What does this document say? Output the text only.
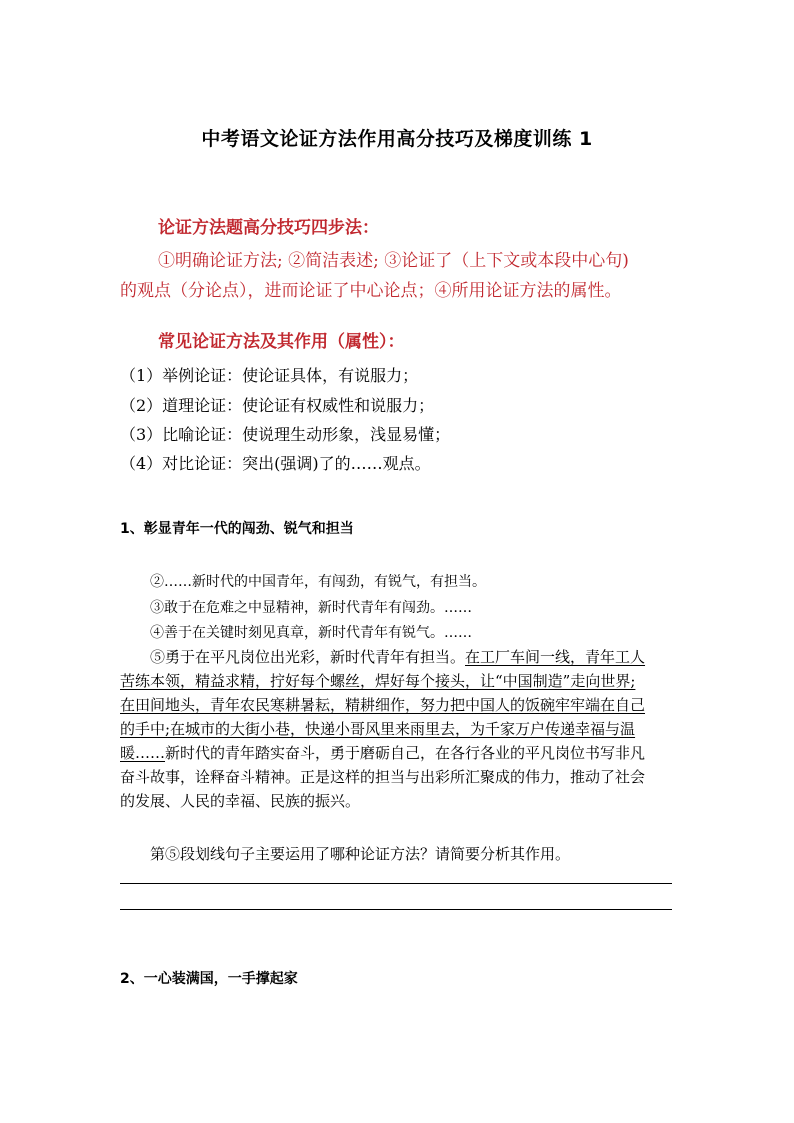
中考语文论证方法作用高分技巧及梯度训练 1
论证方法题高分技巧四步法：
①明确论证方法; ②简洁表述; ③论证了（上下文或本段中心句)
的观点（分论点），进而论证了中心论点；④所用论证方法的属性。
常见论证方法及其作用（属性）：
（1）举例论证：使论证具体，有说服力；
（2）道理论证：使论证有权威性和说服力；
（3）比喻论证：使说理生动形象，浅显易懂；
（4）对比论证：突出(强调)了的……观点。
1、彰显青年一代的闯劲、锐气和担当
②……新时代的中国青年，有闯劲，有锐气，有担当。
③敢于在危难之中显精神，新时代青年有闯劲。……
④善于在关键时刻见真章，新时代青年有锐气。……
⑤勇于在平凡岗位出光彩，新时代青年有担当。在工厂车间一线，青年工人
苦练本领，精益求精，拧好每个螺丝，焊好每个接头，让“中国制造”走向世界;
在田间地头，青年农民寒耕暑耘，精耕细作，努力把中国人的饭碗牢牢端在自己
的手中;在城市的大街小巷，快递小哥风里来雨里去，为千家万户传递幸福与温
暖……新时代的青年踏实奋斗，勇于磨砺自己，在各行各业的平凡岗位书写非凡
奋斗故事，诠释奋斗精神。正是这样的担当与出彩所汇聚成的伟力，推动了社会
的发展、人民的幸福、民族的振兴。
第⑤段划线句子主要运用了哪种论证方法？请简要分析其作用。
2、一心装满国，一手撑起家
